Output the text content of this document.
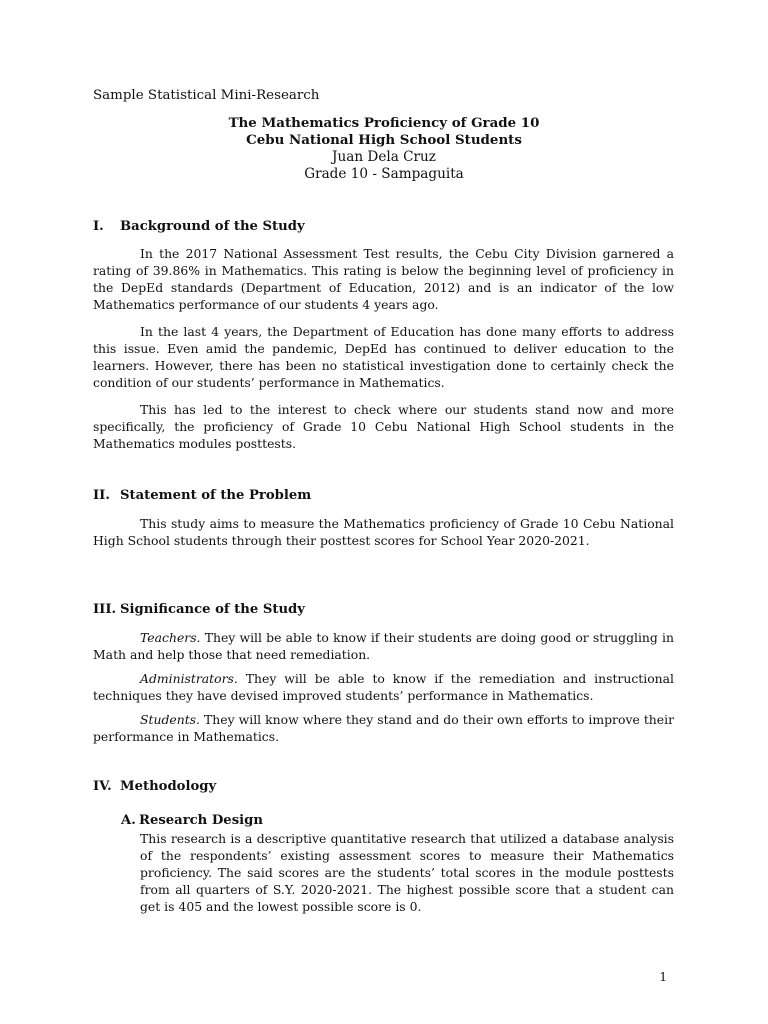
Sample Statistical Mini-Research
The Mathematics Proficiency of Grade 10
Cebu National High School Students
Juan Dela Cruz
Grade 10 - Sampaguita
I. Background of the Study
In the 2017 National Assessment Test results, the Cebu City Division garnered a rating of 39.86% in Mathematics. This rating is below the beginning level of proficiency in the DepEd standards (Department of Education, 2012) and is an indicator of the low Mathematics performance of our students 4 years ago.
In the last 4 years, the Department of Education has done many efforts to address this issue. Even amid the pandemic, DepEd has continued to deliver education to the learners. However, there has been no statistical investigation done to certainly check the condition of our students’ performance in Mathematics.
This has led to the interest to check where our students stand now and more specifically, the proficiency of Grade 10 Cebu National High School students in the Mathematics modules posttests.
II. Statement of the Problem
This study aims to measure the Mathematics proficiency of Grade 10 Cebu National High School students through their posttest scores for School Year 2020-2021.
III. Significance of the Study
Teachers. They will be able to know if their students are doing good or struggling in Math and help those that need remediation.
Administrators. They will be able to know if the remediation and instructional techniques they have devised improved students’ performance in Mathematics.
Students. They will know where they stand and do their own efforts to improve their performance in Mathematics.
IV. Methodology
A. Research Design
This research is a descriptive quantitative research that utilized a database analysis of the respondents’ existing assessment scores to measure their Mathematics proficiency. The said scores are the students’ total scores in the module posttests from all quarters of S.Y. 2020-2021. The highest possible score that a student can get is 405 and the lowest possible score is 0.
1
